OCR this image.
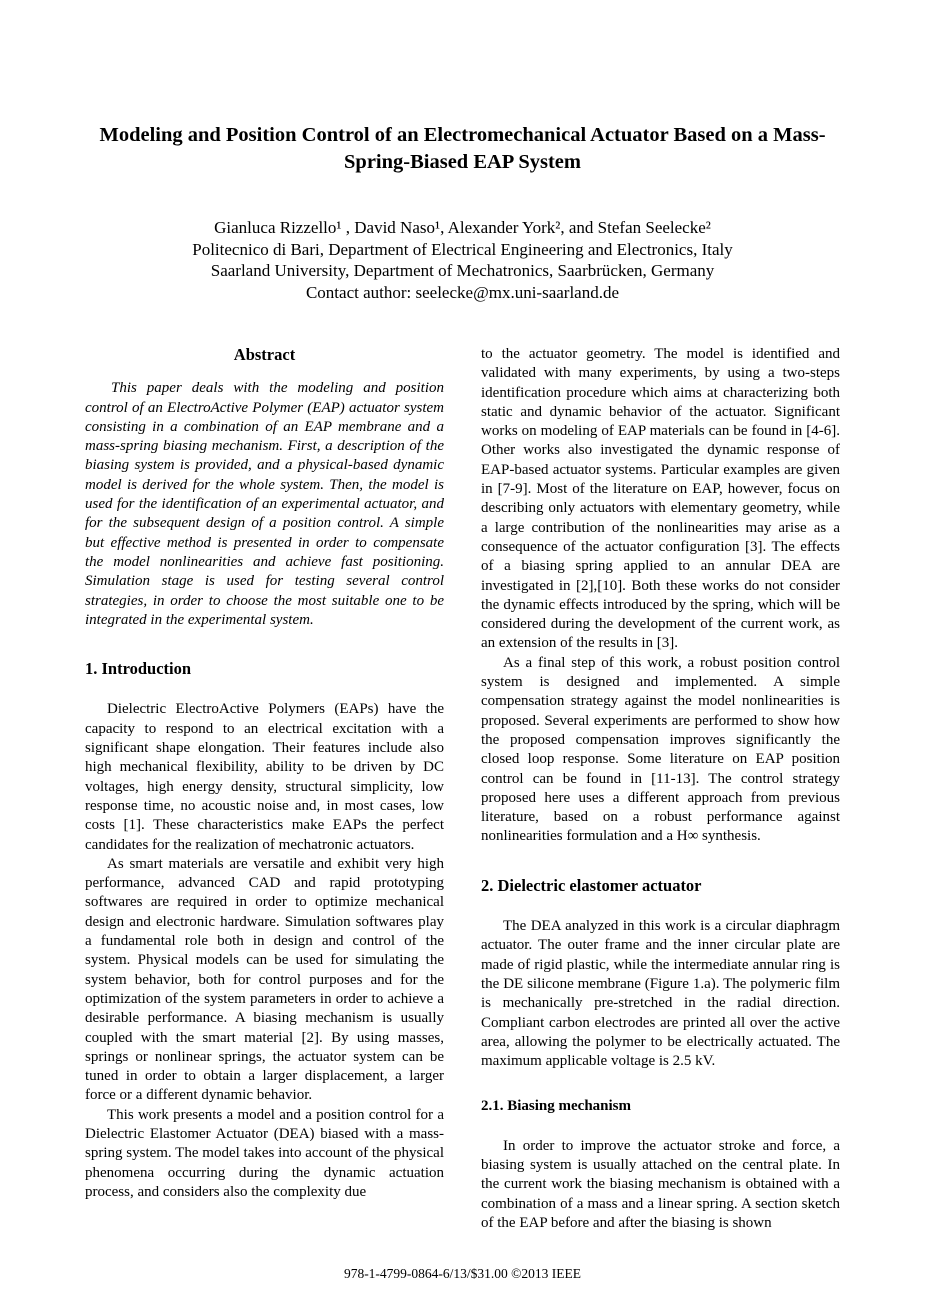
Modeling and Position Control of an Electromechanical Actuator Based on a Mass-Spring-Biased EAP System
Gianluca Rizzello¹ , David Naso¹, Alexander York², and Stefan Seelecke²
Politecnico di Bari, Department of Electrical Engineering and Electronics, Italy
Saarland University, Department of Mechatronics, Saarbrücken, Germany
Contact author: seelecke@mx.uni-saarland.de
Abstract

This paper deals with the modeling and position control of an ElectroActive Polymer (EAP) actuator system consisting in a combination of an EAP membrane and a mass-spring biasing mechanism. First, a description of the biasing system is provided, and a physical-based dynamic model is derived for the whole system. Then, the model is used for the identification of an experimental actuator, and for the subsequent design of a position control. A simple but effective method is presented in order to compensate the model nonlinearities and achieve fast positioning. Simulation stage is used for testing several control strategies, in order to choose the most suitable one to be integrated in the experimental system.

1. Introduction

Dielectric ElectroActive Polymers (EAPs) have the capacity to respond to an electrical excitation with a significant shape elongation. Their features include also high mechanical flexibility, ability to be driven by DC voltages, high energy density, structural simplicity, low response time, no acoustic noise and, in most cases, low costs [1]. These characteristics make EAPs the perfect candidates for the realization of mechatronic actuators.

As smart materials are versatile and exhibit very high performance, advanced CAD and rapid prototyping softwares are required in order to optimize mechanical design and electronic hardware. Simulation softwares play a fundamental role both in design and control of the system. Physical models can be used for simulating the system behavior, both for control purposes and for the optimization of the system parameters in order to achieve a desirable performance. A biasing mechanism is usually coupled with the smart material [2]. By using masses, springs or nonlinear springs, the actuator system can be tuned in order to obtain a larger displacement, a larger force or a different dynamic behavior.

This work presents a model and a position control for a Dielectric Elastomer Actuator (DEA) biased with a mass-spring system. The model takes into account of the physical phenomena occurring during the dynamic actuation process, and considers also the complexity due

to the actuator geometry. The model is identified and validated with many experiments, by using a two-steps identification procedure which aims at characterizing both static and dynamic behavior of the actuator. Significant works on modeling of EAP materials can be found in [4-6]. Other works also investigated the dynamic response of EAP-based actuator systems. Particular examples are given in [7-9]. Most of the literature on EAP, however, focus on describing only actuators with elementary geometry, while a large contribution of the nonlinearities may arise as a consequence of the actuator configuration [3]. The effects of a biasing spring applied to an annular DEA are investigated in [2],[10]. Both these works do not consider the dynamic effects introduced by the spring, which will be considered during the development of the current work, as an extension of the results in [3].

As a final step of this work, a robust position control system is designed and implemented. A simple compensation strategy against the model nonlinearities is proposed. Several experiments are performed to show how the proposed compensation improves significantly the closed loop response. Some literature on EAP position control can be found in [11-13]. The control strategy proposed here uses a different approach from previous literature, based on a robust performance against nonlinearities formulation and a H∞ synthesis.

2. Dielectric elastomer actuator

The DEA analyzed in this work is a circular diaphragm actuator. The outer frame and the inner circular plate are made of rigid plastic, while the intermediate annular ring is the DE silicone membrane (Figure 1.a). The polymeric film is mechanically pre-stretched in the radial direction. Compliant carbon electrodes are printed all over the active area, allowing the polymer to be electrically actuated. The maximum applicable voltage is 2.5 kV.

2.1. Biasing mechanism

In order to improve the actuator stroke and force, a biasing system is usually attached on the central plate. In the current work the biasing mechanism is obtained with a combination of a mass and a linear spring. A section sketch of the EAP before and after the biasing is shown

978-1-4799-0864-6/13/$31.00 ©2013 IEEE
